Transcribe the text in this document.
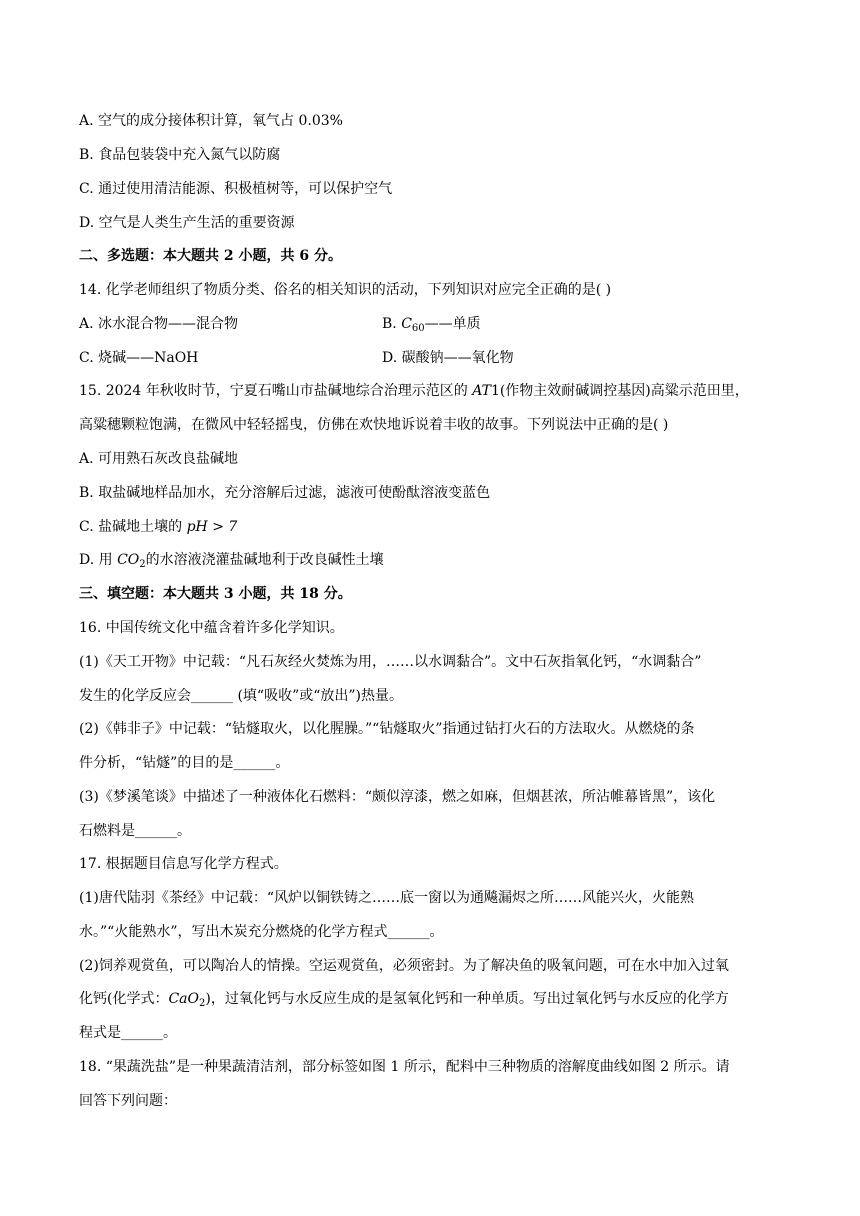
A. 空气的成分接体积计算，氧气占 0.03%
B. 食品包装袋中充入氮气以防腐
C. 通过使用清洁能源、积极植树等，可以保护空气
D. 空气是人类生产生活的重要资源
二、多选题：本大题共 2 小题，共 6 分。
14. 化学老师组织了物质分类、俗名的相关知识的活动，下列知识对应完全正确的是( )
A. 冰水混合物——混合物	B. $C_{60}——$单质
C. 烧碱——NaOH	D. 碳酸钠——氧化物
15. 2024 年秋收时节，宁夏石嘴山市盐碱地综合治理示范区的 AT1(作物主效耐碱调控基因)高粱示范田里，
高粱穗颗粒饱满，在微风中轻轻摇曳，仿佛在欢快地诉说着丰收的故事。下列说法中正确的是( )
A. 可用熟石灰改良盐碱地
B. 取盐碱地样品加水，充分溶解后过滤，滤液可使酚酞溶液变蓝色
C. 盐碱地土壤的 pH > 7
D. 用 $CO_2$的水溶液浇灌盐碱地利于改良碱性土壤
三、填空题：本大题共 3 小题，共 18 分。
16. 中国传统文化中蕴含着许多化学知识。
(1)《天工开物》中记载：“凡石灰经火焚炼为用，……以水调黏合”。文中石灰指氧化钙，“水调黏合”
发生的化学反应会______ (填“吸收”或“放出”)热量。
(2)《韩非子》中记载：“钻燧取火，以化腥臊。”“钻燧取火”指通过钻打火石的方法取火。从燃烧的条
件分析，“钻燧”的目的是______。
(3)《梦溪笔谈》中描述了一种液体化石燃料：“颇似淳漆，燃之如麻，但烟甚浓，所沾帷幕皆黑”，该化
石燃料是______。
17. 根据题目信息写化学方程式。
(1)唐代陆羽《茶经》中记载：“风炉以铜铁铸之……底一窗以为通飚漏烬之所……风能兴火，火能熟
水。”“火能熟水”，写出木炭充分燃烧的化学方程式______。
(2)饲养观赏鱼，可以陶冶人的情操。空运观赏鱼，必须密封。为了解决鱼的吸氧问题，可在水中加入过氧
化钙(化学式：CaO$_2$)，过氧化钙与水反应生成的是氢氧化钙和一种单质。写出过氧化钙与水反应的化学方
程式是______。
18. “果蔬洗盐”是一种果蔬清洁剂，部分标签如图 1 所示，配料中三种物质的溶解度曲线如图 2 所示。请
回答下列问题：
